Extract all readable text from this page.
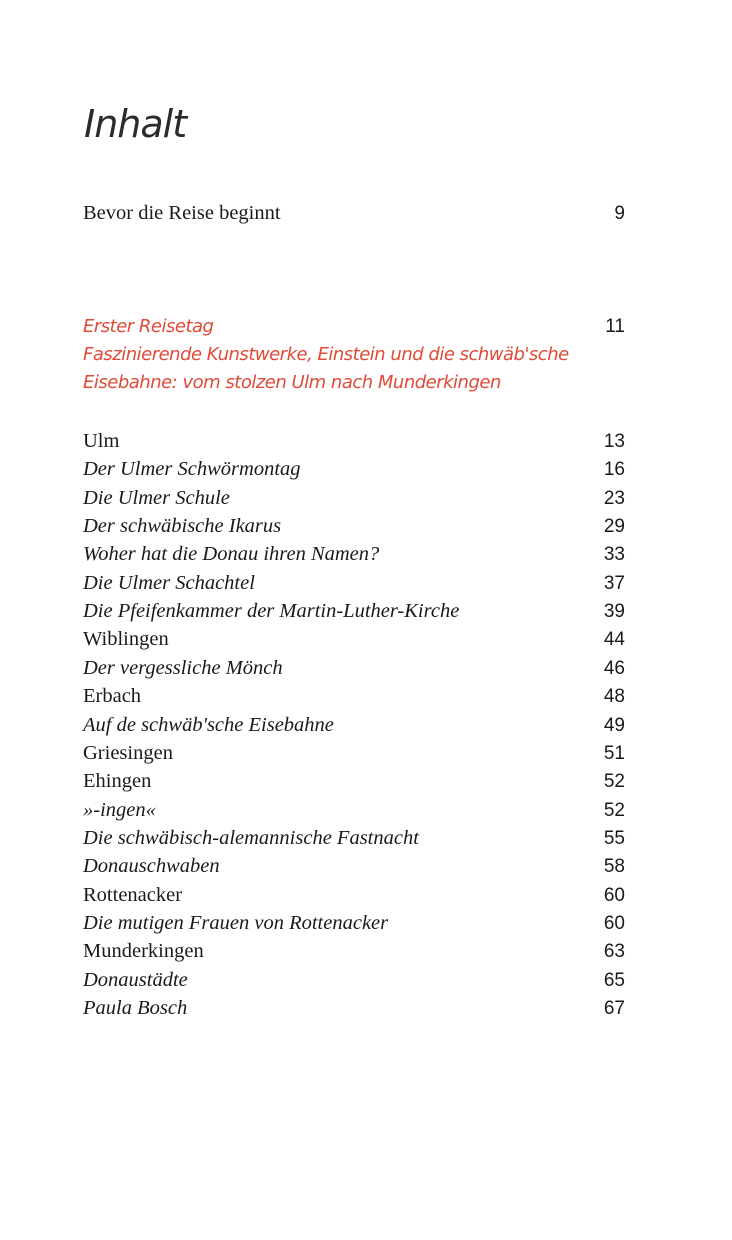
Inhalt
Bevor die Reise beginnt	9
Erster Reisetag	11
Faszinierende Kunstwerke, Einstein und die schwäb'sche
Eisebahne: vom stolzen Ulm nach Munderkingen
Ulm	13
Der Ulmer Schwörmontag	16
Die Ulmer Schule	23
Der schwäbische Ikarus	29
Woher hat die Donau ihren Namen?	33
Die Ulmer Schachtel	37
Die Pfeifenkammer der Martin-Luther-Kirche	39
Wiblingen	44
Der vergessliche Mönch	46
Erbach	48
Auf de schwäb'sche Eisebahne	49
Griesingen	51
Ehingen	52
»-ingen«	52
Die schwäbisch-alemannische Fastnacht	55
Donauschwaben	58
Rottenacker	60
Die mutigen Frauen von Rottenacker	60
Munderkingen	63
Donaustädte	65
Paula Bosch	67
